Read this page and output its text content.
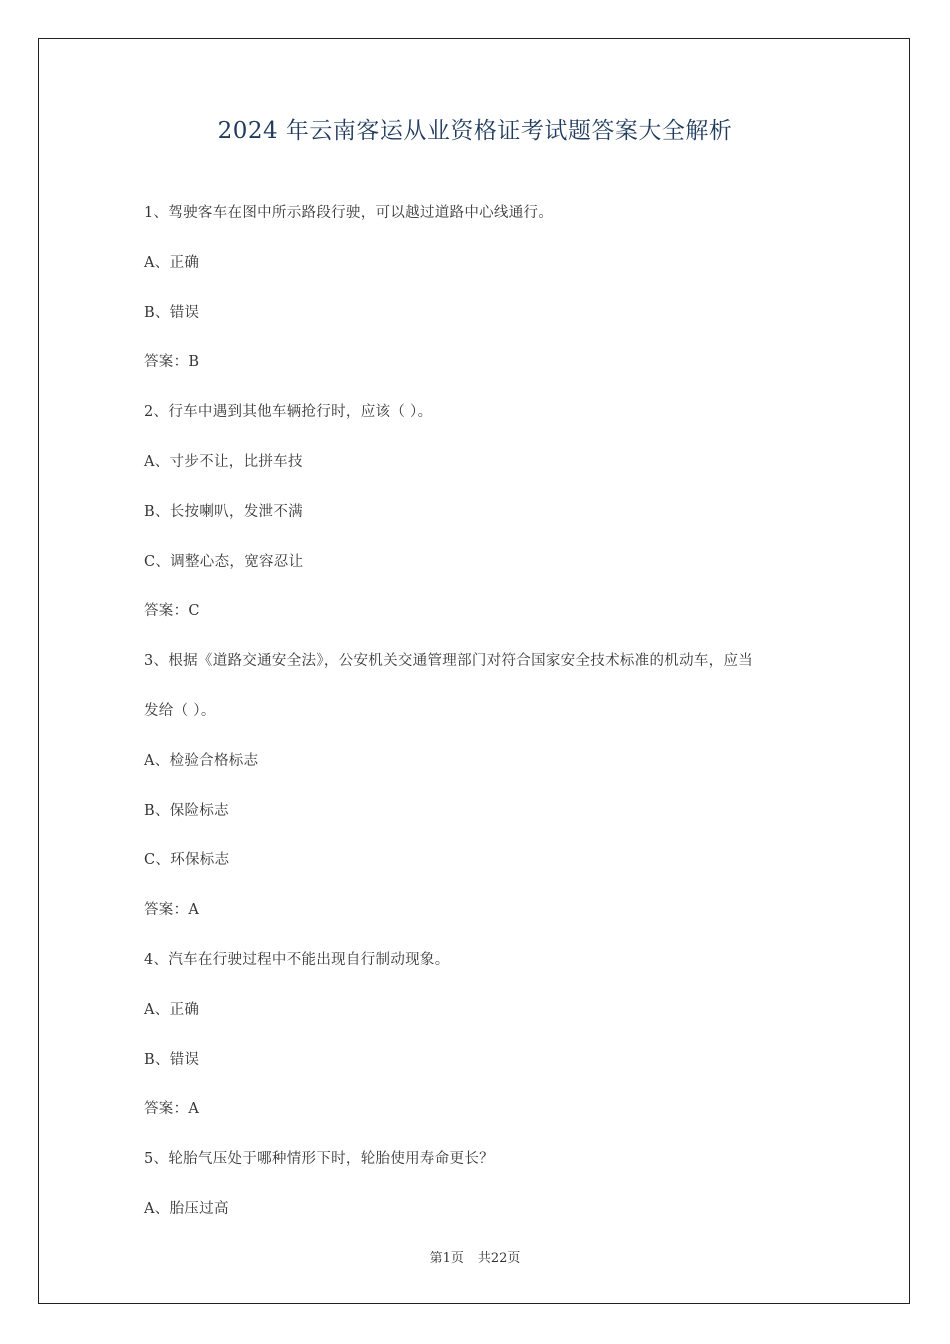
2024 年云南客运从业资格证考试题答案大全解析
1、驾驶客车在图中所示路段行驶，可以越过道路中心线通行。
A、正确
B、错误
答案：B
2、行车中遇到其他车辆抢行时，应该（ ）。
A、寸步不让，比拼车技
B、长按喇叭，发泄不满
C、调整心态，宽容忍让
答案：C
3、根据《道路交通安全法》，公安机关交通管理部门对符合国家安全技术标准的机动车，应当
发给（ ）。
A、检验合格标志
B、保险标志
C、环保标志
答案：A
4、汽车在行驶过程中不能出现自行制动现象。
A、正确
B、错误
答案：A
5、轮胎气压处于哪种情形下时，轮胎使用寿命更长？
A、胎压过高
第1页 共22页
